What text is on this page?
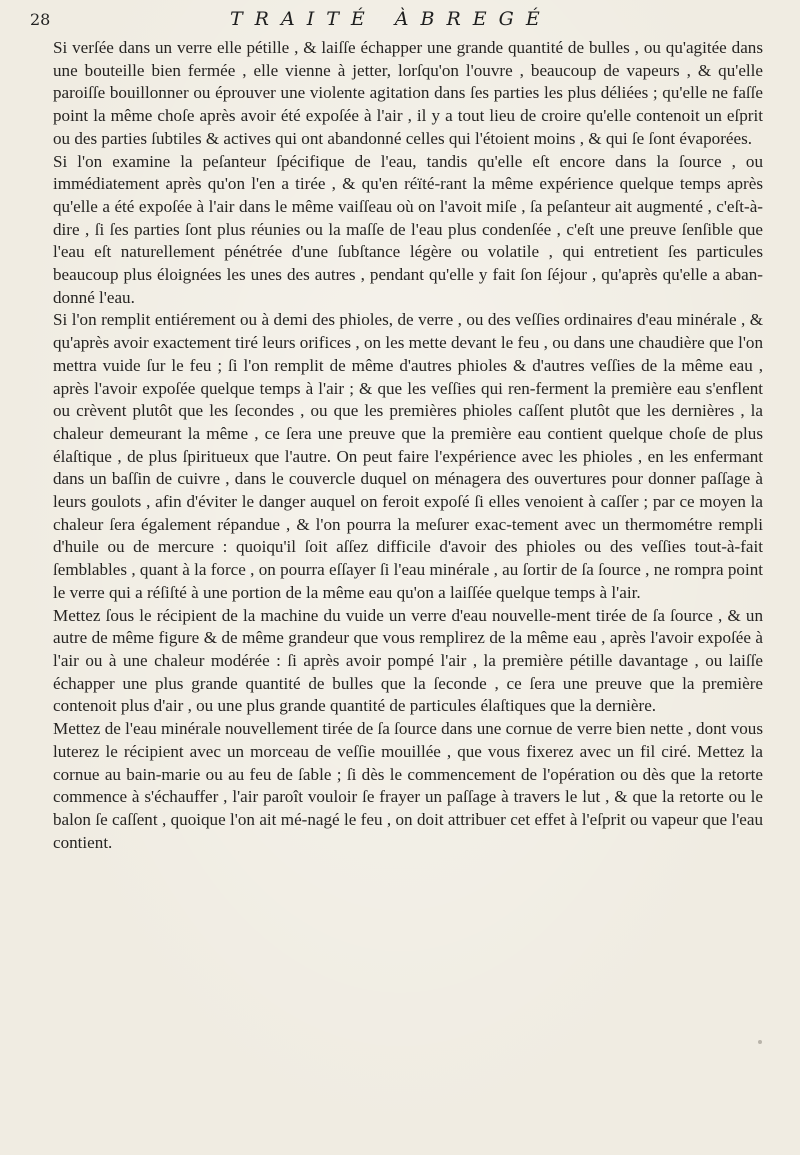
28	TRAITÉ ÀBREGÉ

Si verſée dans un verre elle pétille , & laiſſe échapper une grande quantité de bulles , ou qu'agitée dans une bouteille bien fermée , elle vienne à jetter, lorſqu'on l'ouvre , beaucoup de vapeurs , & qu'elle paroiſſe bouillonner ou éprouver une violente agitation dans ſes parties les plus déliées ; qu'elle ne faſſe point la même choſe après avoir été expoſée à l'air , il y a tout lieu de croire qu'elle contenoit un eſprit ou des parties ſubtiles & actives qui ont abandonné celles qui l'étoient moins , & qui ſe ſont évaporées.

Si l'on examine la peſanteur ſpécifique de l'eau, tandis qu'elle eſt encore dans la ſource , ou immédiatement après qu'on l'en a tirée , & qu'en réïté-rant la même expérience quelque temps après qu'elle a été expoſée à l'air dans le même vaiſſeau où on l'avoit miſe , ſa peſanteur ait augmenté , c'eſt-à-dire , ſi ſes parties ſont plus réunies ou la maſſe de l'eau plus condenſée , c'eſt une preuve ſenſible que l'eau eſt naturellement pénétrée d'une ſubſtance légère ou volatile , qui entretient ſes particules beaucoup plus éloignées les unes des autres , pendant qu'elle y fait ſon ſéjour , qu'après qu'elle a aban-donné l'eau.

Si l'on remplit entiérement ou à demi des phioles, de verre , ou des veſſies ordinaires d'eau minérale , & qu'après avoir exactement tiré leurs orifices , on les mette devant le feu , ou dans une chaudière que l'on mettra vuide ſur le feu ; ſi l'on remplit de même d'autres phioles & d'autres veſſies de la même eau , après l'avoir expoſée quelque temps à l'air ; & que les veſſies qui ren-ferment la première eau s'enflent ou crèvent plutôt que les ſecondes , ou que les premières phioles caſſent plutôt que les dernières , la chaleur demeurant la même , ce ſera une preuve que la première eau contient quelque choſe de plus élaſtique , de plus ſpiritueux que l'autre. On peut faire l'expérience avec les phioles , en les enfermant dans un baſſin de cuivre , dans le couvercle duquel on ménagera des ouvertures pour donner paſſage à leurs goulots , afin d'éviter le danger auquel on feroit expoſé ſi elles venoient à caſſer ; par ce moyen la chaleur ſera également répandue , & l'on pourra la meſurer exac-tement avec un thermométre rempli d'huile ou de mercure : quoiqu'il ſoit aſſez difficile d'avoir des phioles ou des veſſies tout-à-fait ſemblables , quant à la force , on pourra eſſayer ſi l'eau minérale , au ſortir de ſa ſource , ne rompra point le verre qui a réſiſté à une portion de la même eau qu'on a laiſſée quelque temps à l'air.

Mettez ſous le récipient de la machine du vuide un verre d'eau nouvelle-ment tirée de ſa ſource , & un autre de même figure & de même grandeur que vous remplirez de la même eau , après l'avoir expoſée à l'air ou à une chaleur modérée : ſi après avoir pompé l'air , la première pétille davantage , ou laiſſe échapper une plus grande quantité de bulles que la ſeconde , ce ſera une preuve que la première contenoit plus d'air , ou une plus grande quantité de particules élaſtiques que la dernière.

Mettez de l'eau minérale nouvellement tirée de ſa ſource dans une cornue de verre bien nette , dont vous luterez le récipient avec un morceau de veſſie mouillée , que vous fixerez avec un fil ciré. Mettez la cornue au bain-marie ou au feu de ſable ; ſi dès le commencement de l'opération ou dès que la retorte commence à s'échauffer , l'air paroît vouloir ſe frayer un paſſage à travers le lut , & que la retorte ou le balon ſe caſſent , quoique l'on ait mé-nagé le feu , on doit attribuer cet effet à l'eſprit ou vapeur que l'eau contient.
